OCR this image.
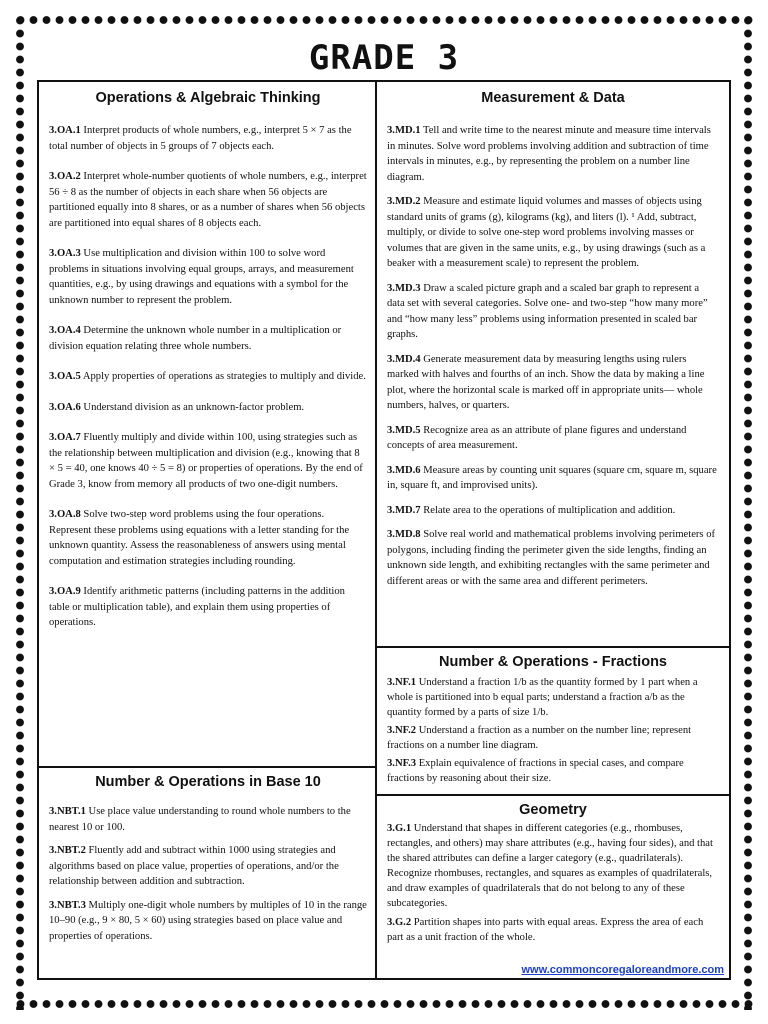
GRADE 3
Operations & Algebraic Thinking

3.OA.1 Interpret products of whole numbers, e.g., interpret 5 × 7 as the total number of objects in 5 groups of 7 objects each.

3.OA.2 Interpret whole-number quotients of whole numbers, e.g., interpret 56 ÷ 8 as the number of objects in each share when 56 objects are partitioned equally into 8 shares, or as a number of shares when 56 objects are partitioned into equal shares of 8 objects each.

3.OA.3 Use multiplication and division within 100 to solve word problems in situations involving equal groups, arrays, and measurement quantities, e.g., by using drawings and equations with a symbol for the unknown number to represent the problem.

3.OA.4 Determine the unknown whole number in a multiplication or division equation relating three whole numbers.

3.OA.5 Apply properties of operations as strategies to multiply and divide.

3.OA.6 Understand division as an unknown-factor problem.

3.OA.7 Fluently multiply and divide within 100, using strategies such as the relationship between multiplication and division (e.g., knowing that 8 × 5 = 40, one knows 40 ÷ 5 = 8) or properties of operations. By the end of Grade 3, know from memory all products of two one-digit numbers.

3.OA.8 Solve two-step word problems using the four operations. Represent these problems using equations with a letter standing for the unknown quantity. Assess the reasonableness of answers using mental computation and estimation strategies including rounding.

3.OA.9 Identify arithmetic patterns (including patterns in the addition table or multiplication table), and explain them using properties of operations.

Number & Operations in Base 10

3.NBT.1 Use place value understanding to round whole numbers to the nearest 10 or 100.

3.NBT.2 Fluently add and subtract within 1000 using strategies and algorithms based on place value, properties of operations, and/or the relationship between addition and subtraction.

3.NBT.3 Multiply one-digit whole numbers by multiples of 10 in the range 10–90 (e.g., 9 × 80, 5 × 60) using strategies based on place value and properties of operations.

Measurement & Data

3.MD.1 Tell and write time to the nearest minute and measure time intervals in minutes. Solve word problems involving addition and subtraction of time intervals in minutes, e.g., by representing the problem on a number line diagram.

3.MD.2 Measure and estimate liquid volumes and masses of objects using standard units of grams (g), kilograms (kg), and liters (l). ¹ Add, subtract, multiply, or divide to solve one-step word problems involving masses or volumes that are given in the same units, e.g., by using drawings (such as a beaker with a measurement scale) to represent the problem.

3.MD.3 Draw a scaled picture graph and a scaled bar graph to represent a data set with several categories. Solve one- and two-step “how many more” and “how many less” problems using information presented in scaled bar graphs.

3.MD.4 Generate measurement data by measuring lengths using rulers marked with halves and fourths of an inch. Show the data by making a line plot, where the horizontal scale is marked off in appropriate units— whole numbers, halves, or quarters.

3.MD.5 Recognize area as an attribute of plane figures and understand concepts of area measurement.

3.MD.6 Measure areas by counting unit squares (square cm, square m, square in, square ft, and improvised units).

3.MD.7 Relate area to the operations of multiplication and addition.

3.MD.8 Solve real world and mathematical problems involving perimeters of polygons, including finding the perimeter given the side lengths, finding an unknown side length, and exhibiting rectangles with the same perimeter and different areas or with the same area and different perimeters.

Number & Operations - Fractions

3.NF.1 Understand a fraction 1/b as the quantity formed by 1 part when a whole is partitioned into b equal parts; understand a fraction a/b as the quantity formed by a parts of size 1/b.

3.NF.2 Understand a fraction as a number on the number line; represent fractions on a number line diagram.

3.NF.3 Explain equivalence of fractions in special cases, and compare fractions by reasoning about their size.

Geometry

3.G.1 Understand that shapes in different categories (e.g., rhombuses, rectangles, and others) may share attributes (e.g., having four sides), and that the shared attributes can define a larger category (e.g., quadrilaterals). Recognize rhombuses, rectangles, and squares as examples of quadrilaterals, and draw examples of quadrilaterals that do not belong to any of these subcategories.

3.G.2 Partition shapes into parts with equal areas. Express the area of each part as a unit fraction of the whole.

www.commoncoregaloreandmore.com
